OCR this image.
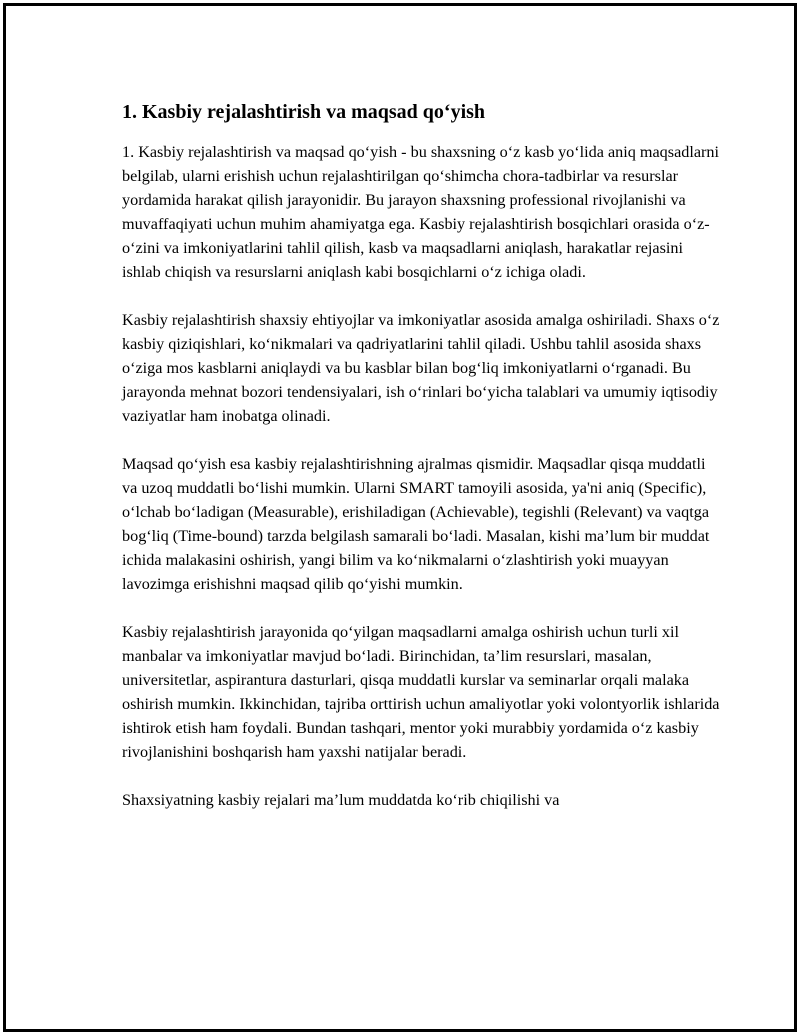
1. Kasbiy rejalashtirish va maqsad qo‘yish

1. Kasbiy rejalashtirish va maqsad qo‘yish - bu shaxsning o‘z kasb yo‘lida aniq maqsadlarni belgilab, ularni erishish uchun rejalashtirilgan qo‘shimcha chora-tadbirlar va resurslar yordamida harakat qilish jarayonidir. Bu jarayon shaxsning professional rivojlanishi va muvaffaqiyati uchun muhim ahamiyatga ega. Kasbiy rejalashtirish bosqichlari orasida o‘z-o‘zini va imkoniyatlarini tahlil qilish, kasb va maqsadlarni aniqlash, harakatlar rejasini ishlab chiqish va resurslarni aniqlash kabi bosqichlarni o‘z ichiga oladi.

Kasbiy rejalashtirish shaxsiy ehtiyojlar va imkoniyatlar asosida amalga oshiriladi. Shaxs o‘z kasbiy qiziqishlari, ko‘nikmalari va qadriyatlarini tahlil qiladi. Ushbu tahlil asosida shaxs o‘ziga mos kasblarni aniqlaydi va bu kasblar bilan bog‘liq imkoniyatlarni o‘rganadi. Bu jarayonda mehnat bozori tendensiyalari, ish o‘rinlari bo‘yicha talablari va umumiy iqtisodiy vaziyatlar ham inobatga olinadi.

Maqsad qo‘yish esa kasbiy rejalashtirishning ajralmas qismidir. Maqsadlar qisqa muddatli va uzoq muddatli bo‘lishi mumkin. Ularni SMART tamoyili asosida, ya'ni aniq (Specific), o‘lchab bo‘ladigan (Measurable), erishiladigan (Achievable), tegishli (Relevant) va vaqtga bog‘liq (Time-bound) tarzda belgilash samarali bo‘ladi. Masalan, kishi ma’lum bir muddat ichida malakasini oshirish, yangi bilim va ko‘nikmalarni o‘zlashtirish yoki muayyan lavozimga erishishni maqsad qilib qo‘yishi mumkin.

Kasbiy rejalashtirish jarayonida qo‘yilgan maqsadlarni amalga oshirish uchun turli xil manbalar va imkoniyatlar mavjud bo‘ladi. Birinchidan, ta’lim resurslari, masalan, universitetlar, aspirantura dasturlari, qisqa muddatli kurslar va seminarlar orqali malaka oshirish mumkin. Ikkinchidan, tajriba orttirish uchun amaliyotlar yoki volontyorlik ishlarida ishtirok etish ham foydali. Bundan tashqari, mentor yoki murabbiy yordamida o‘z kasbiy rivojlanishini boshqarish ham yaxshi natijalar beradi.

Shaxsiyatning kasbiy rejalari ma’lum muddatda ko‘rib chiqilishi va
